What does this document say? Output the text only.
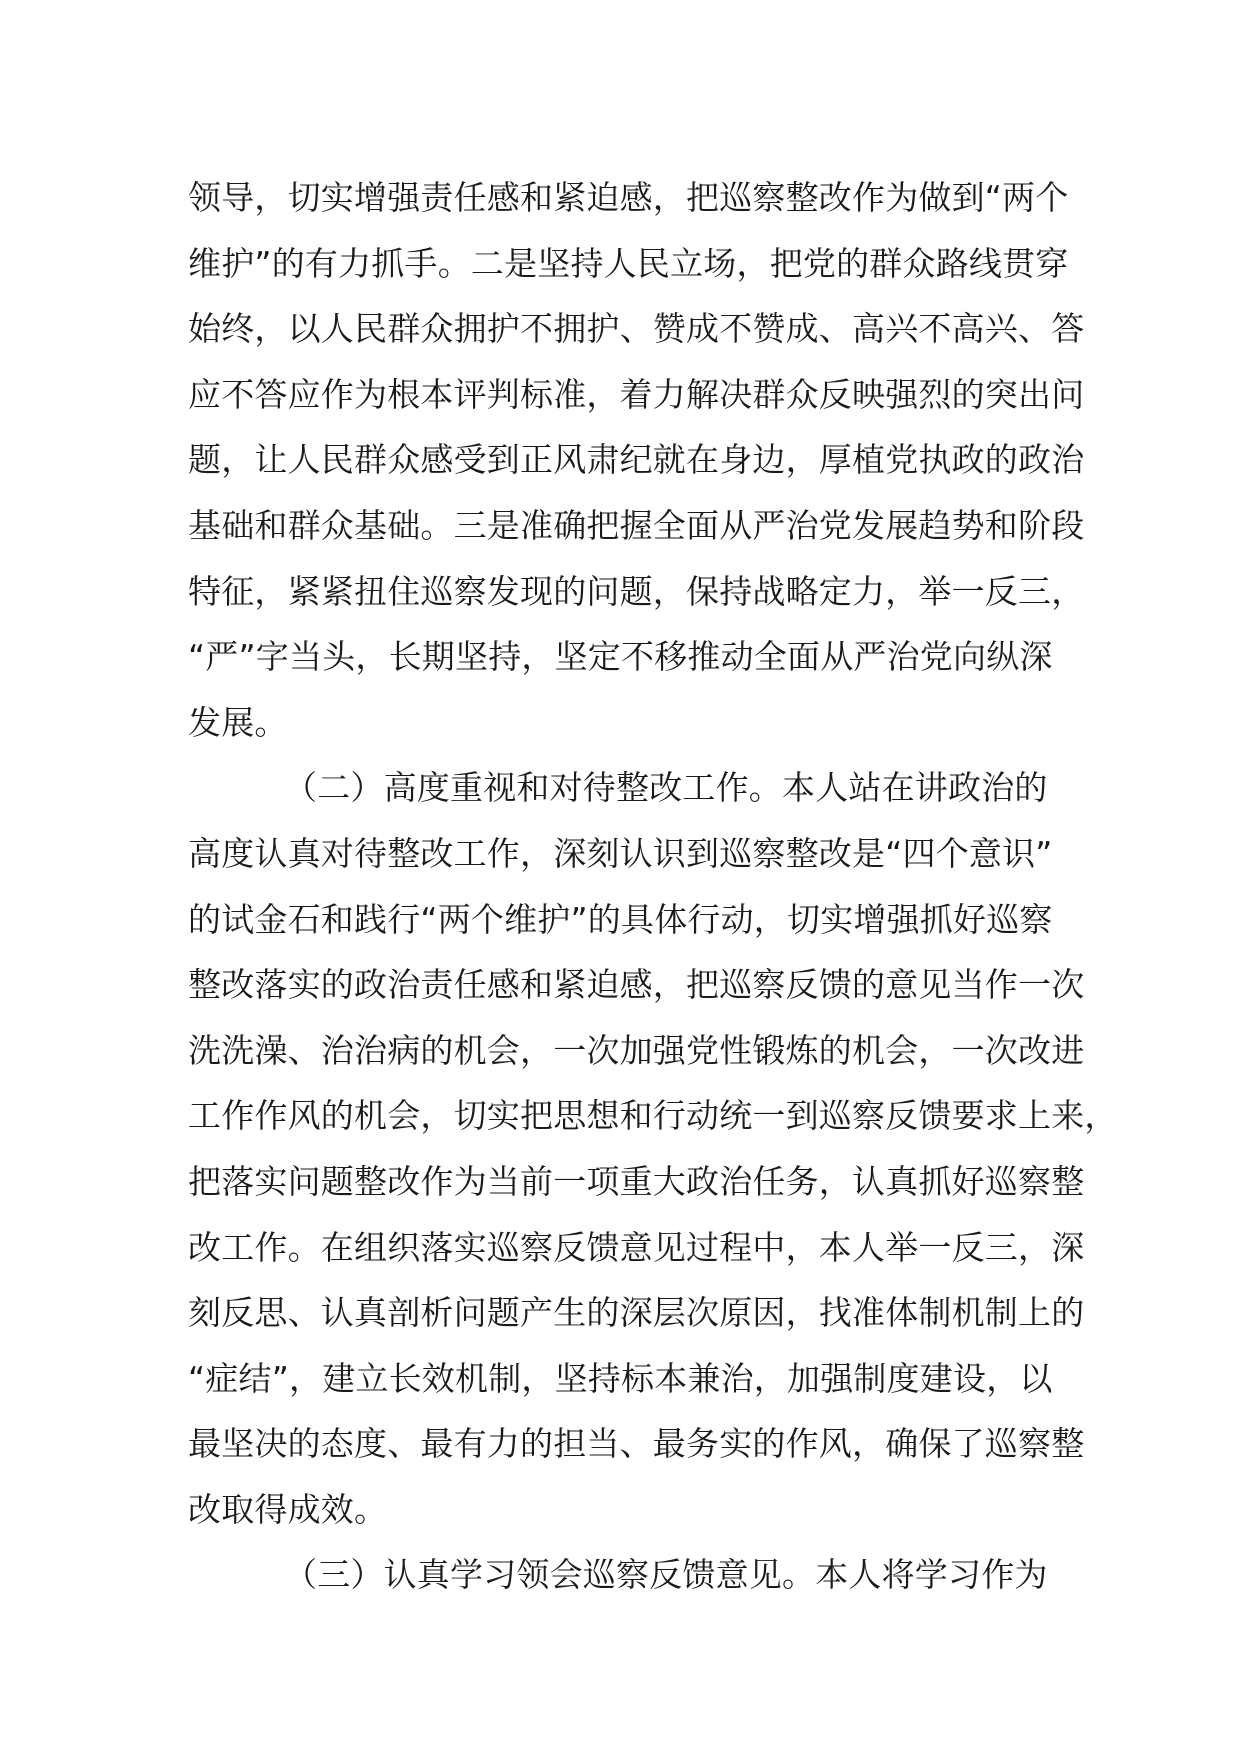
领导，切实增强责任感和紧迫感，把巡察整改作为做到“两个
维护”的有力抓手。二是坚持人民立场，把党的群众路线贯穿
始终，以人民群众拥护不拥护、赞成不赞成、高兴不高兴、答
应不答应作为根本评判标准，着力解决群众反映强烈的突出问
题，让人民群众感受到正风肃纪就在身边，厚植党执政的政治
基础和群众基础。三是准确把握全面从严治党发展趋势和阶段
特征，紧紧扭住巡察发现的问题，保持战略定力，举一反三，
“严”字当头，长期坚持，坚定不移推动全面从严治党向纵深
发展。
（二）高度重视和对待整改工作。本人站在讲政治的
高度认真对待整改工作，深刻认识到巡察整改是“四个意识”
的试金石和践行“两个维护”的具体行动，切实增强抓好巡察
整改落实的政治责任感和紧迫感，把巡察反馈的意见当作一次
洗洗澡、治治病的机会，一次加强党性锻炼的机会，一次改进
工作作风的机会，切实把思想和行动统一到巡察反馈要求上来，
把落实问题整改作为当前一项重大政治任务，认真抓好巡察整
改工作。在组织落实巡察反馈意见过程中，本人举一反三，深
刻反思、认真剖析问题产生的深层次原因，找准体制机制上的
“症结”，建立长效机制，坚持标本兼治，加强制度建设，以
最坚决的态度、最有力的担当、最务实的作风，确保了巡察整
改取得成效。
（三）认真学习领会巡察反馈意见。本人将学习作为
